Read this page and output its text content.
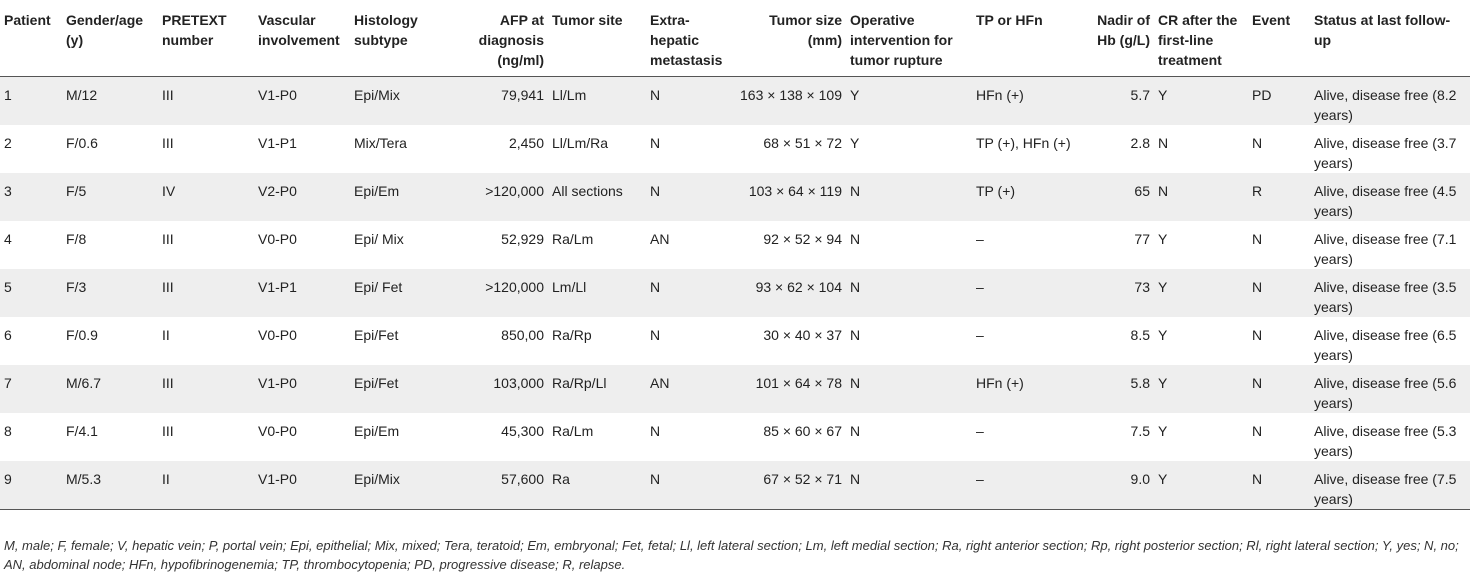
Patient	Gender/age (y)	PRETEXT number	Vascular involvement	Histology subtype	AFP at diagnosis (ng/ml)	Tumor site	Extra-hepatic metastasis	Tumor size (mm)	Operative intervention for tumor rupture	TP or HFn	Nadir of Hb (g/L)	CR after the first-line treatment	Event	Status at last follow-up
1	M/12	III	V1-P0	Epi/Mix	79,941	Ll/Lm	N	163 × 138 × 109	Y	HFn (+)	5.7	Y	PD	Alive, disease free (8.2 years)
2	F/0.6	III	V1-P1	Mix/Tera	2,450	Ll/Lm/Ra	N	68 × 51 × 72	Y	TP (+), HFn (+)	2.8	N	N	Alive, disease free (3.7 years)
3	F/5	IV	V2-P0	Epi/Em	>120,000	All sections	N	103 × 64 × 119	N	TP (+)	65	N	R	Alive, disease free (4.5 years)
4	F/8	III	V0-P0	Epi/ Mix	52,929	Ra/Lm	AN	92 × 52 × 94	N	–	77	Y	N	Alive, disease free (7.1 years)
5	F/3	III	V1-P1	Epi/ Fet	>120,000	Lm/Ll	N	93 × 62 × 104	N	–	73	Y	N	Alive, disease free (3.5 years)
6	F/0.9	II	V0-P0	Epi/Fet	850,00	Ra/Rp	N	30 × 40 × 37	N	–	8.5	Y	N	Alive, disease free (6.5 years)
7	M/6.7	III	V1-P0	Epi/Fet	103,000	Ra/Rp/Ll	AN	101 × 64 × 78	N	HFn (+)	5.8	Y	N	Alive, disease free (5.6 years)
8	F/4.1	III	V0-P0	Epi/Em	45,300	Ra/Lm	N	85 × 60 × 67	N	–	7.5	Y	N	Alive, disease free (5.3 years)
9	M/5.3	II	V1-P0	Epi/Mix	57,600	Ra	N	67 × 52 × 71	N	–	9.0	Y	N	Alive, disease free (7.5 years)

M, male; F, female; V, hepatic vein; P, portal vein; Epi, epithelial; Mix, mixed; Tera, teratoid; Em, embryonal; Fet, fetal; Ll, left lateral section; Lm, left medial section; Ra, right anterior section; Rp, right posterior section; Rl, right lateral section; Y, yes; N, no; AN, abdominal node; HFn, hypofibrinogenemia; TP, thrombocytopenia; PD, progressive disease; R, relapse.
